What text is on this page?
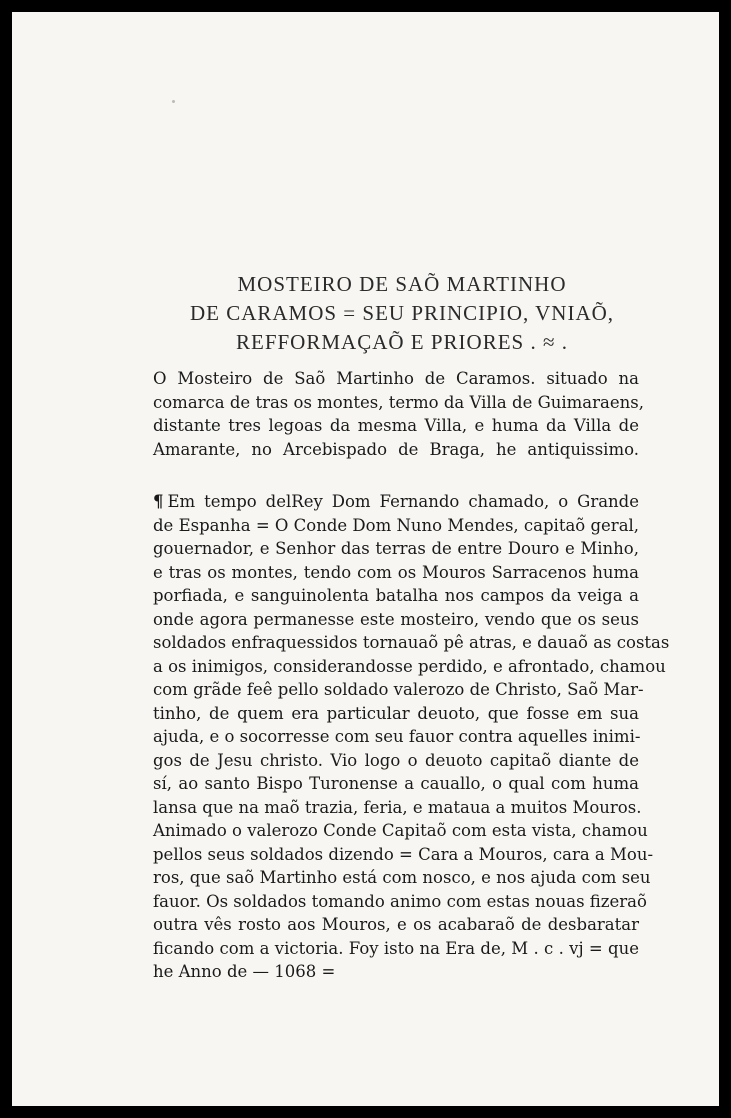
MOSTEIRO DE SAÕ MARTINHO
DE CARAMOS = SEU PRINCIPIO, VNIAÕ,
REFFORMAÇAÕ E PRIORES . ≈ .
O Mosteiro de Saõ Martinho de Caramos. situado na
comarca de tras os montes, termo da Villa de Guimaraens,
distante tres legoas da mesma Villa, e huma da Villa de
Amarante, no Arcebispado de Braga, he antiquissimo.
¶ Em tempo delRey Dom Fernando chamado, o Grande
de Espanha = O Conde Dom Nuno Mendes, capitaõ geral,
gouernador, e Senhor das terras de entre Douro e Minho,
e tras os montes, tendo com os Mouros Sarracenos huma
porfiada, e sanguinolenta batalha nos campos da veiga a
onde agora permanesse este mosteiro, vendo que os seus
soldados enfraquessidos tornauaõ pê atras, e dauaõ as costas
a os inimigos, considerandosse perdido, e afrontado, chamou
com grãde feê pello soldado valerozo de Christo, Saõ Mar-
tinho, de quem era particular deuoto, que fosse em sua
ajuda, e o socorresse com seu fauor contra aquelles inimi-
gos de Jesu christo. Vio logo o deuoto capitaõ diante de
sí, ao santo Bispo Turonense a cauallo, o qual com huma
lansa que na maõ trazia, feria, e mataua a muitos Mouros.
Animado o valerozo Conde Capitaõ com esta vista, chamou
pellos seus soldados dizendo = Cara a Mouros, cara a Mou-
ros, que saõ Martinho está com nosco, e nos ajuda com seu
fauor. Os soldados tomando animo com estas nouas fizeraõ
outra vês rosto aos Mouros, e os acabaraõ de desbaratar
ficando com a victoria. Foy isto na Era de, M . c . vj = que
he Anno de — 1068 =
